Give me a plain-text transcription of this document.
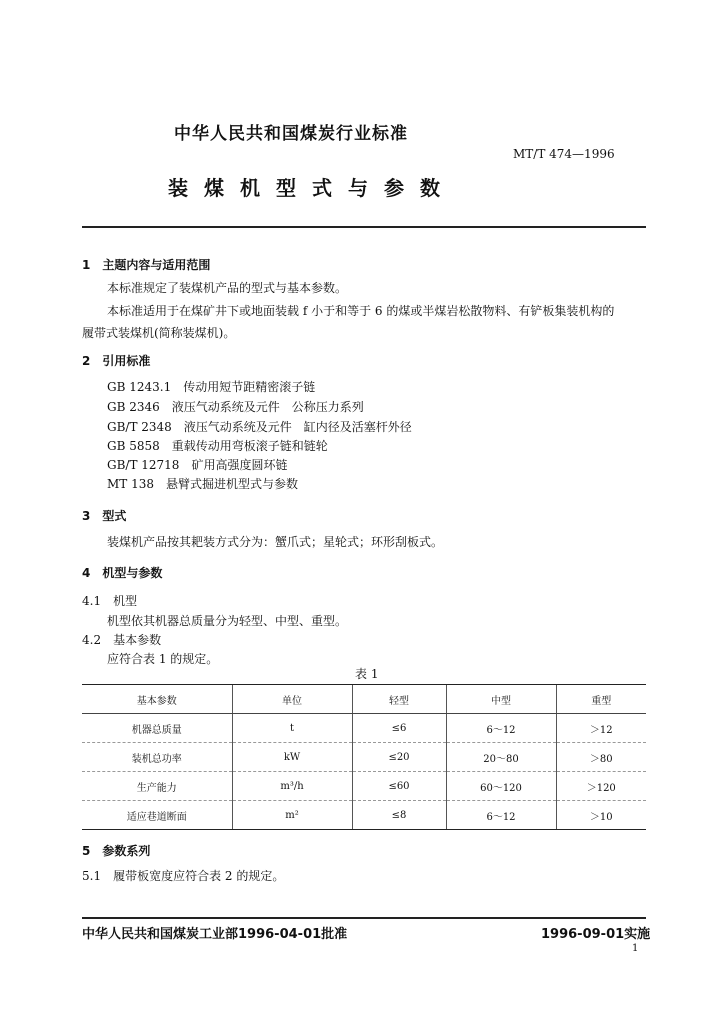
中华人民共和国煤炭行业标准
MT/T 474—1996
装煤机型式与参数
1　主题内容与适用范围
本标准规定了装煤机产品的型式与基本参数。
本标准适用于在煤矿井下或地面装载 f 小于和等于 6 的煤或半煤岩松散物料、有铲板集装机构的
履带式装煤机(简称装煤机)。
2　引用标准
GB 1243.1　传动用短节距精密滚子链
GB 2346　液压气动系统及元件　公称压力系列
GB/T 2348　液压气动系统及元件　缸内径及活塞杆外径
GB 5858　重载传动用弯板滚子链和链轮
GB/T 12718　矿用高强度圆环链
MT 138　悬臂式掘进机型式与参数
3　型式
装煤机产品按其耙装方式分为：蟹爪式；星轮式；环形刮板式。
4　机型与参数
4.1　机型
机型依其机器总质量分为轻型、中型、重型。
4.2　基本参数
应符合表 1 的规定。
表 1
基本参数	单位	轻型	中型	重型
机器总质量	t	≤6	6～12	＞12
装机总功率	kW	≤20	20～80	＞80
生产能力	m³/h	≤60	60～120	＞120
适应巷道断面	m²	≤8	6～12	＞10
5　参数系列
5.1　履带板宽度应符合表 2 的规定。
中华人民共和国煤炭工业部1996-04-01批准	1996-09-01实施
1
